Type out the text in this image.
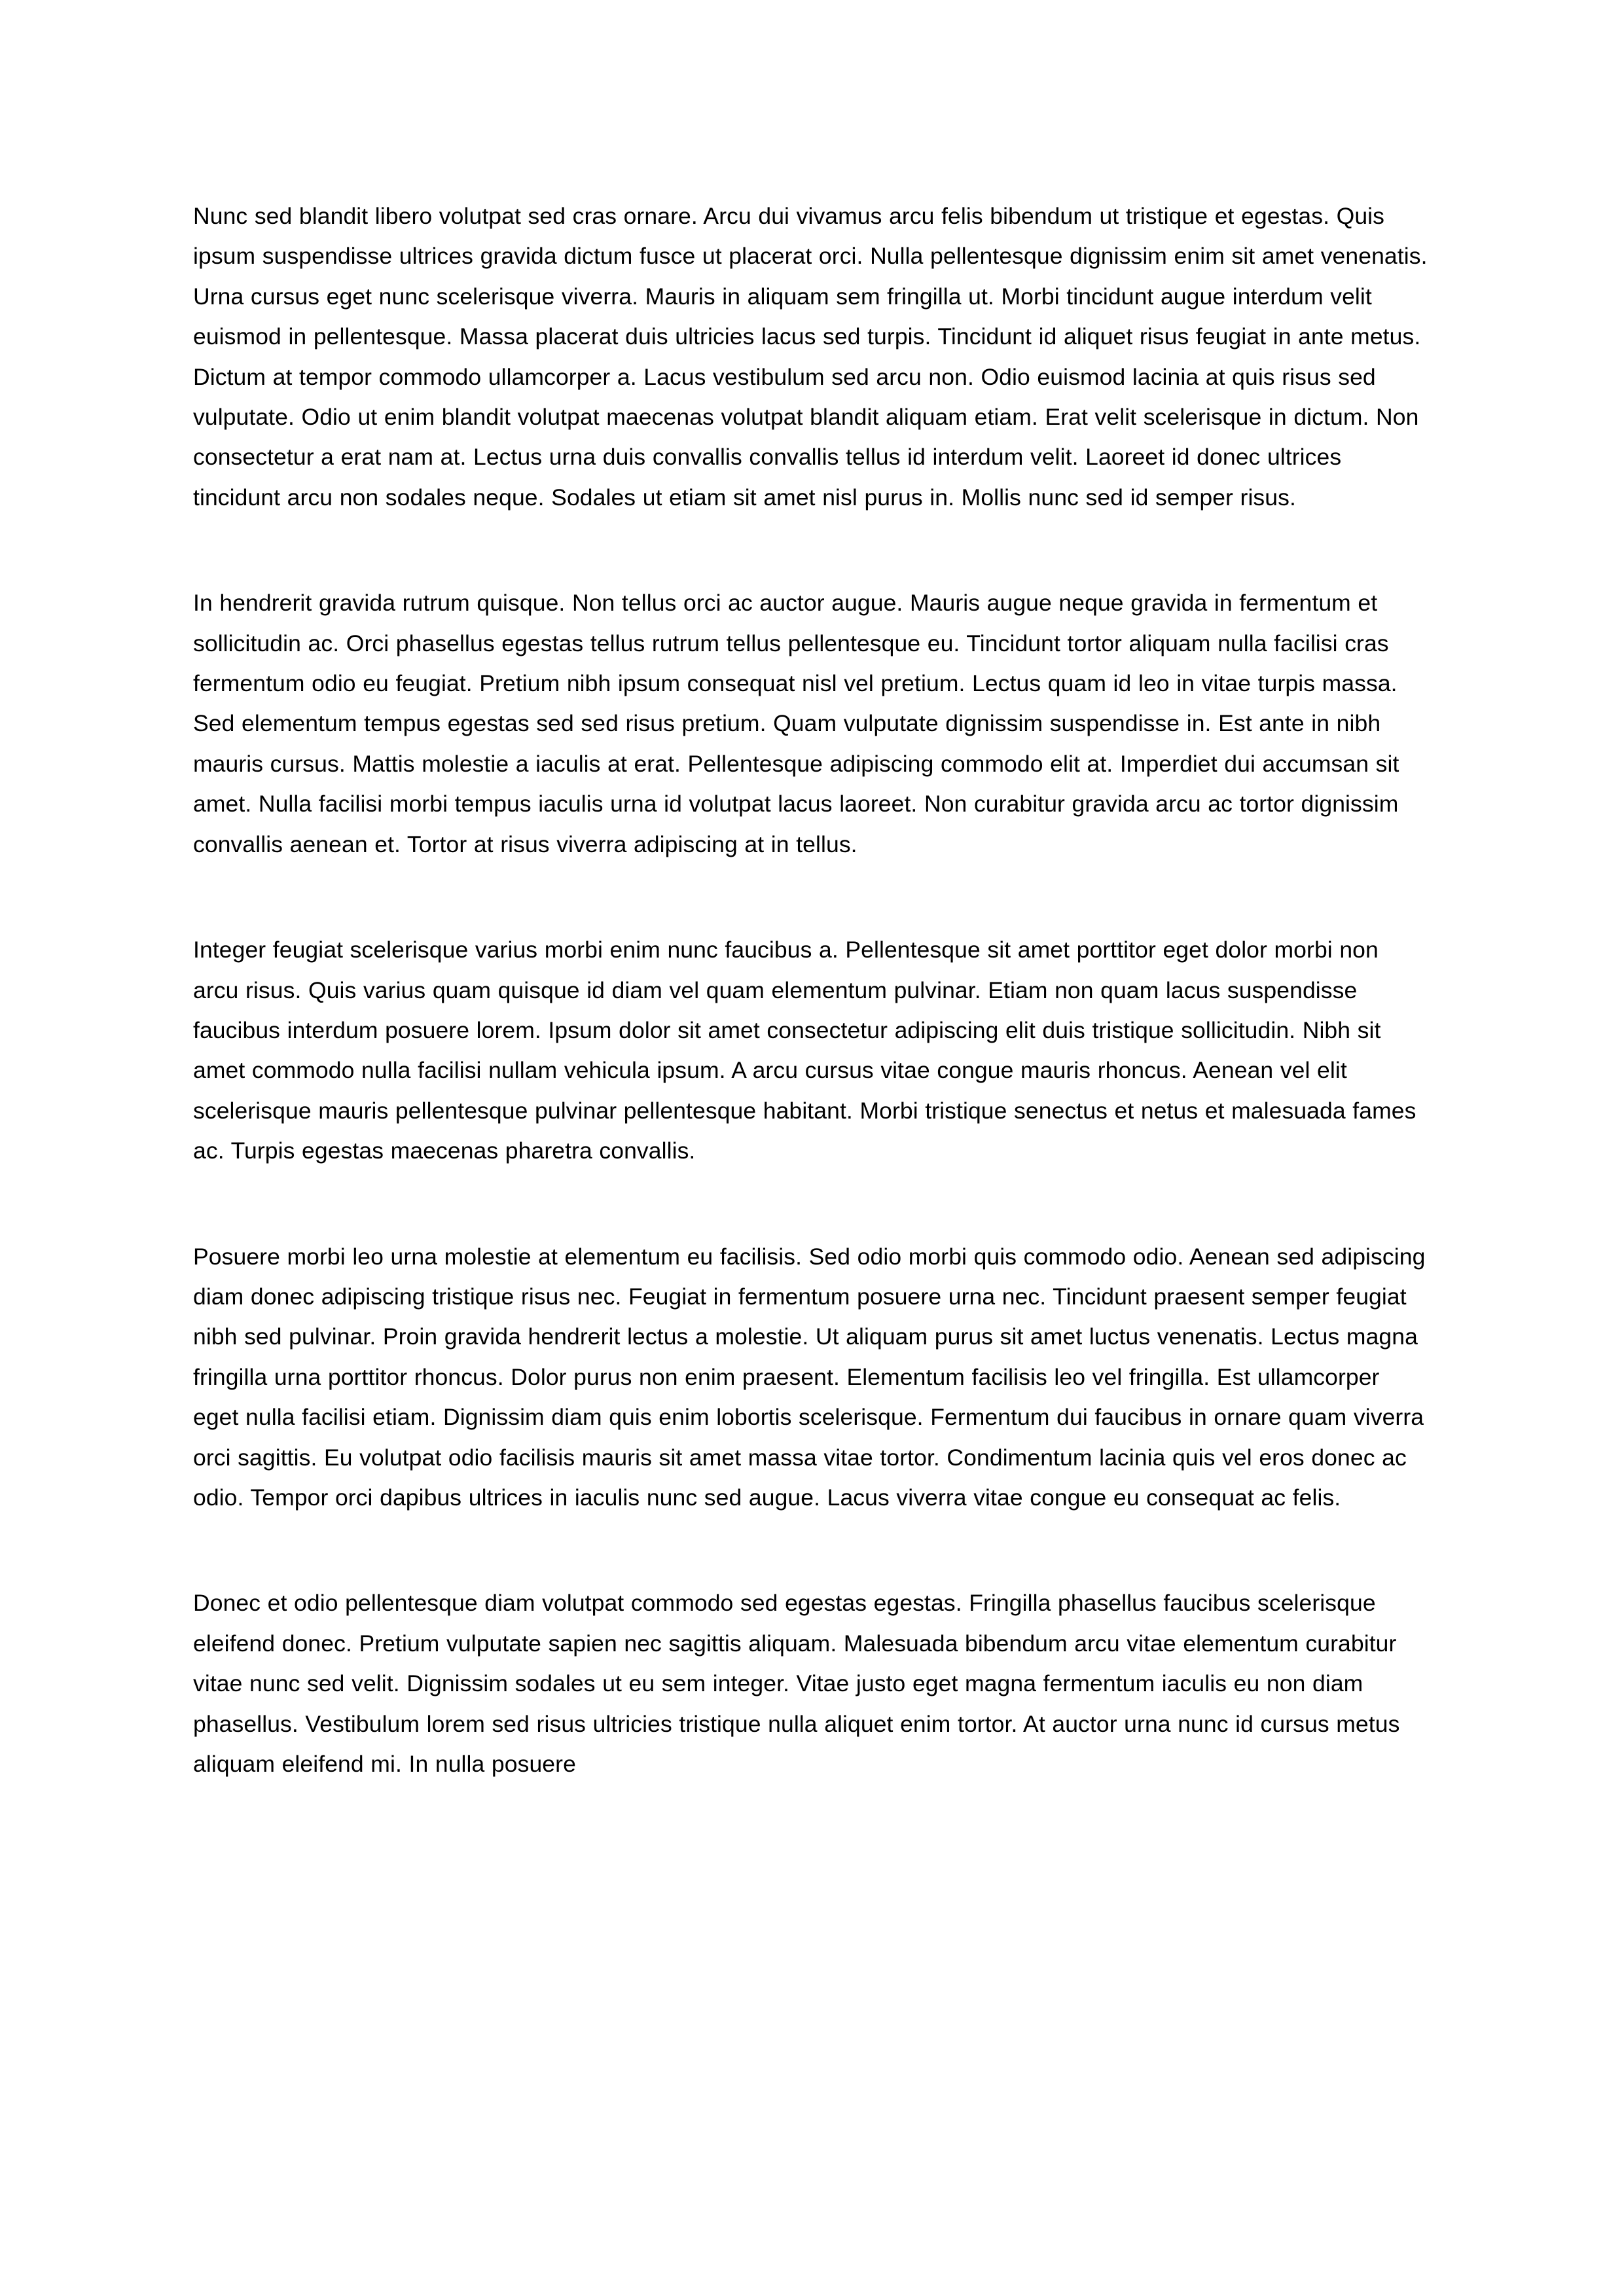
Nunc sed blandit libero volutpat sed cras ornare. Arcu dui vivamus arcu felis bibendum ut tristique et egestas. Quis ipsum suspendisse ultrices gravida dictum fusce ut placerat orci. Nulla pellentesque dignissim enim sit amet venenatis. Urna cursus eget nunc scelerisque viverra. Mauris in aliquam sem fringilla ut. Morbi tincidunt augue interdum velit euismod in pellentesque. Massa placerat duis ultricies lacus sed turpis. Tincidunt id aliquet risus feugiat in ante metus. Dictum at tempor commodo ullamcorper a. Lacus vestibulum sed arcu non. Odio euismod lacinia at quis risus sed vulputate. Odio ut enim blandit volutpat maecenas volutpat blandit aliquam etiam. Erat velit scelerisque in dictum. Non consectetur a erat nam at. Lectus urna duis convallis convallis tellus id interdum velit. Laoreet id donec ultrices tincidunt arcu non sodales neque. Sodales ut etiam sit amet nisl purus in. Mollis nunc sed id semper risus.

In hendrerit gravida rutrum quisque. Non tellus orci ac auctor augue. Mauris augue neque gravida in fermentum et sollicitudin ac. Orci phasellus egestas tellus rutrum tellus pellentesque eu. Tincidunt tortor aliquam nulla facilisi cras fermentum odio eu feugiat. Pretium nibh ipsum consequat nisl vel pretium. Lectus quam id leo in vitae turpis massa. Sed elementum tempus egestas sed sed risus pretium. Quam vulputate dignissim suspendisse in. Est ante in nibh mauris cursus. Mattis molestie a iaculis at erat. Pellentesque adipiscing commodo elit at. Imperdiet dui accumsan sit amet. Nulla facilisi morbi tempus iaculis urna id volutpat lacus laoreet. Non curabitur gravida arcu ac tortor dignissim convallis aenean et. Tortor at risus viverra adipiscing at in tellus.

Integer feugiat scelerisque varius morbi enim nunc faucibus a. Pellentesque sit amet porttitor eget dolor morbi non arcu risus. Quis varius quam quisque id diam vel quam elementum pulvinar. Etiam non quam lacus suspendisse faucibus interdum posuere lorem. Ipsum dolor sit amet consectetur adipiscing elit duis tristique sollicitudin. Nibh sit amet commodo nulla facilisi nullam vehicula ipsum. A arcu cursus vitae congue mauris rhoncus. Aenean vel elit scelerisque mauris pellentesque pulvinar pellentesque habitant. Morbi tristique senectus et netus et malesuada fames ac. Turpis egestas maecenas pharetra convallis.

Posuere morbi leo urna molestie at elementum eu facilisis. Sed odio morbi quis commodo odio. Aenean sed adipiscing diam donec adipiscing tristique risus nec. Feugiat in fermentum posuere urna nec. Tincidunt praesent semper feugiat nibh sed pulvinar. Proin gravida hendrerit lectus a molestie. Ut aliquam purus sit amet luctus venenatis. Lectus magna fringilla urna porttitor rhoncus. Dolor purus non enim praesent. Elementum facilisis leo vel fringilla. Est ullamcorper eget nulla facilisi etiam. Dignissim diam quis enim lobortis scelerisque. Fermentum dui faucibus in ornare quam viverra orci sagittis. Eu volutpat odio facilisis mauris sit amet massa vitae tortor. Condimentum lacinia quis vel eros donec ac odio. Tempor orci dapibus ultrices in iaculis nunc sed augue. Lacus viverra vitae congue eu consequat ac felis.

Donec et odio pellentesque diam volutpat commodo sed egestas egestas. Fringilla phasellus faucibus scelerisque eleifend donec. Pretium vulputate sapien nec sagittis aliquam. Malesuada bibendum arcu vitae elementum curabitur vitae nunc sed velit. Dignissim sodales ut eu sem integer. Vitae justo eget magna fermentum iaculis eu non diam phasellus. Vestibulum lorem sed risus ultricies tristique nulla aliquet enim tortor. At auctor urna nunc id cursus metus aliquam eleifend mi. In nulla posuere
